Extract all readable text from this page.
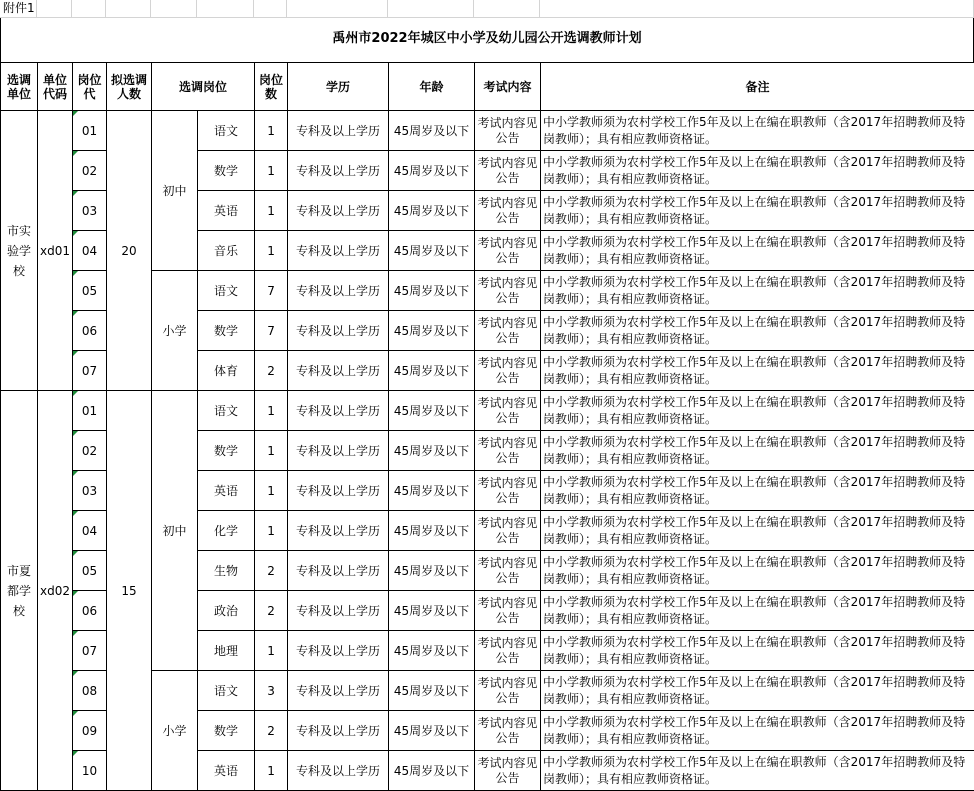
附件1
禹州市2022年城区中小学及幼儿园公开选调教师计划
选调单位	单位代码	岗位代	拟选调人数	选调岗位		岗位数	学历	年龄	考试内容	备注
市实验学校	xd01	01	20	初中	语文	1	专科及以上学历	45周岁及以下	考试内容见公告	中小学教师须为农村学校工作5年及以上在编在职教师（含2017年招聘教师及特岗教师）；具有相应教师资格证。
		02			数学	1	专科及以上学历	45周岁及以下	考试内容见公告	中小学教师须为农村学校工作5年及以上在编在职教师（含2017年招聘教师及特岗教师）；具有相应教师资格证。
		03			英语	1	专科及以上学历	45周岁及以下	考试内容见公告	中小学教师须为农村学校工作5年及以上在编在职教师（含2017年招聘教师及特岗教师）；具有相应教师资格证。
		04			音乐	1	专科及以上学历	45周岁及以下	考试内容见公告	中小学教师须为农村学校工作5年及以上在编在职教师（含2017年招聘教师及特岗教师）；具有相应教师资格证。
		05		小学	语文	7	专科及以上学历	45周岁及以下	考试内容见公告	中小学教师须为农村学校工作5年及以上在编在职教师（含2017年招聘教师及特岗教师）；具有相应教师资格证。
		06			数学	7	专科及以上学历	45周岁及以下	考试内容见公告	中小学教师须为农村学校工作5年及以上在编在职教师（含2017年招聘教师及特岗教师）；具有相应教师资格证。
		07			体育	2	专科及以上学历	45周岁及以下	考试内容见公告	中小学教师须为农村学校工作5年及以上在编在职教师（含2017年招聘教师及特岗教师）；具有相应教师资格证。
市夏都学校	xd02	01	15	初中	语文	1	专科及以上学历	45周岁及以下	考试内容见公告	中小学教师须为农村学校工作5年及以上在编在职教师（含2017年招聘教师及特岗教师）；具有相应教师资格证。
		02			数学	1	专科及以上学历	45周岁及以下	考试内容见公告	中小学教师须为农村学校工作5年及以上在编在职教师（含2017年招聘教师及特岗教师）；具有相应教师资格证。
		03			英语	1	专科及以上学历	45周岁及以下	考试内容见公告	中小学教师须为农村学校工作5年及以上在编在职教师（含2017年招聘教师及特岗教师）；具有相应教师资格证。
		04			化学	1	专科及以上学历	45周岁及以下	考试内容见公告	中小学教师须为农村学校工作5年及以上在编在职教师（含2017年招聘教师及特岗教师）；具有相应教师资格证。
		05			生物	2	专科及以上学历	45周岁及以下	考试内容见公告	中小学教师须为农村学校工作5年及以上在编在职教师（含2017年招聘教师及特岗教师）；具有相应教师资格证。
		06			政治	2	专科及以上学历	45周岁及以下	考试内容见公告	中小学教师须为农村学校工作5年及以上在编在职教师（含2017年招聘教师及特岗教师）；具有相应教师资格证。
		07			地理	1	专科及以上学历	45周岁及以下	考试内容见公告	中小学教师须为农村学校工作5年及以上在编在职教师（含2017年招聘教师及特岗教师）；具有相应教师资格证。
		08		小学	语文	3	专科及以上学历	45周岁及以下	考试内容见公告	中小学教师须为农村学校工作5年及以上在编在职教师（含2017年招聘教师及特岗教师）；具有相应教师资格证。
		09			数学	2	专科及以上学历	45周岁及以下	考试内容见公告	中小学教师须为农村学校工作5年及以上在编在职教师（含2017年招聘教师及特岗教师）；具有相应教师资格证。
		10			英语	1	专科及以上学历	45周岁及以下	考试内容见公告	中小学教师须为农村学校工作5年及以上在编在职教师（含2017年招聘教师及特岗教师）；具有相应教师资格证。
